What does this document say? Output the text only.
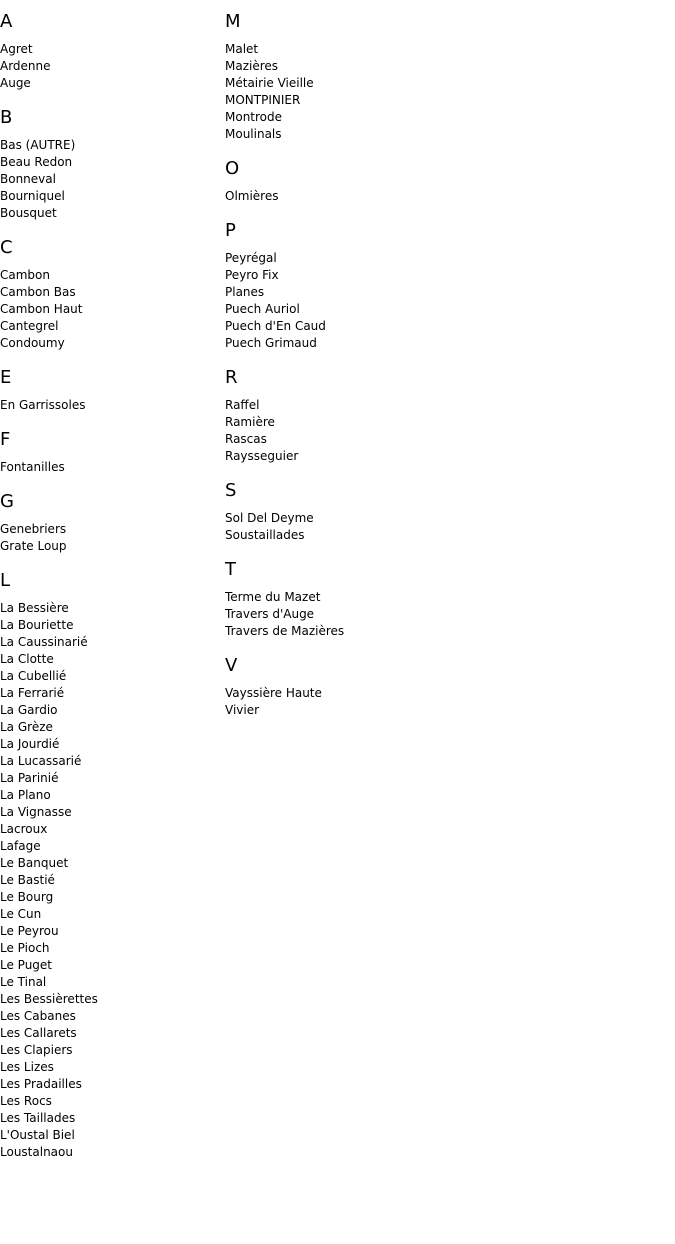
A
Agret
Ardenne
Auge
B
Bas (AUTRE)
Beau Redon
Bonneval
Bourniquel
Bousquet
C
Cambon
Cambon Bas
Cambon Haut
Cantegrel
Condoumy
E
En Garrissoles
F
Fontanilles
G
Genebriers
Grate Loup
L
La Bessière
La Bouriette
La Caussinarié
La Clotte
La Cubellié
La Ferrarié
La Gardio
La Grèze
La Jourdié
La Lucassarié
La Parinié
La Plano
La Vignasse
Lacroux
Lafage
Le Banquet
Le Bastié
Le Bourg
Le Cun
Le Peyrou
Le Pioch
Le Puget
Le Tinal
Les Bessièrettes
Les Cabanes
Les Callarets
Les Clapiers
Les Lizes
Les Pradailles
Les Rocs
Les Taillades
L'Oustal Biel
Loustalnaou
M
Malet
Mazières
Métairie Vieille
MONTPINIER
Montrode
Moulinals
O
Olmières
P
Peyrégal
Peyro Fix
Planes
Puech Auriol
Puech d'En Caud
Puech Grimaud
R
Raffel
Ramière
Rascas
Raysseguier
S
Sol Del Deyme
Soustaillades
T
Terme du Mazet
Travers d'Auge
Travers de Mazières
V
Vayssière Haute
Vivier
